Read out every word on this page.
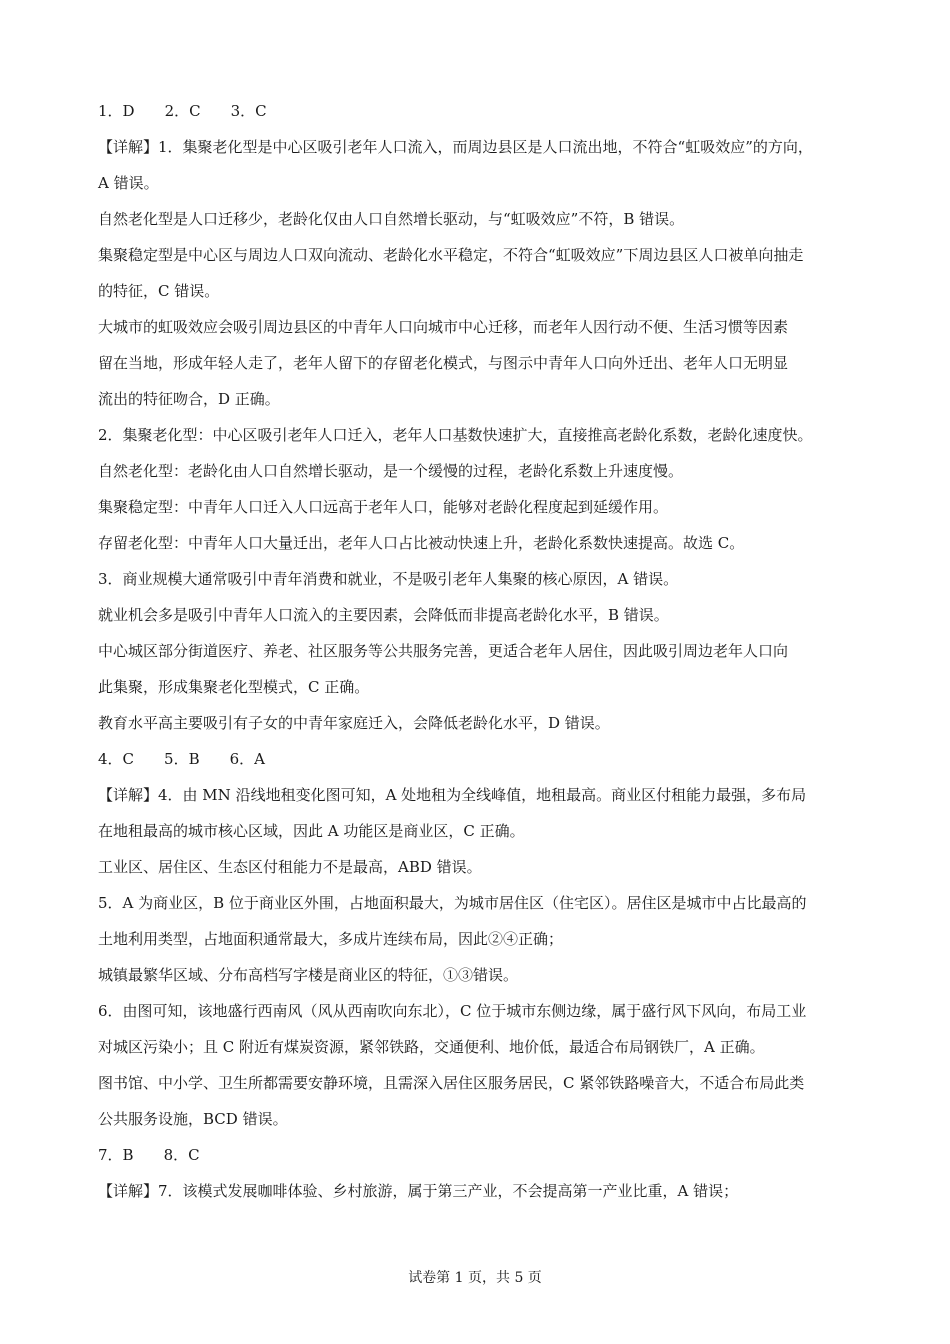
1．D　　2．C　　3．C
【详解】1．集聚老化型是中心区吸引老年人口流入，而周边县区是人口流出地，不符合“虹吸效应”的方向，
A 错误。
自然老化型是人口迁移少，老龄化仅由人口自然增长驱动，与“虹吸效应”不符，B 错误。
集聚稳定型是中心区与周边人口双向流动、老龄化水平稳定，不符合“虹吸效应”下周边县区人口被单向抽走
的特征，C 错误。
大城市的虹吸效应会吸引周边县区的中青年人口向城市中心迁移，而老年人因行动不便、生活习惯等因素
留在当地，形成年轻人走了，老年人留下的存留老化模式，与图示中青年人口向外迁出、老年人口无明显
流出的特征吻合，D 正确。
2．集聚老化型：中心区吸引老年人口迁入，老年人口基数快速扩大，直接推高老龄化系数，老龄化速度快。
自然老化型：老龄化由人口自然增长驱动，是一个缓慢的过程，老龄化系数上升速度慢。
集聚稳定型：中青年人口迁入人口远高于老年人口，能够对老龄化程度起到延缓作用。
存留老化型：中青年人口大量迁出，老年人口占比被动快速上升，老龄化系数快速提高。故选 C。
3．商业规模大通常吸引中青年消费和就业，不是吸引老年人集聚的核心原因，A 错误。
就业机会多是吸引中青年人口流入的主要因素，会降低而非提高老龄化水平，B 错误。
中心城区部分街道医疗、养老、社区服务等公共服务完善，更适合老年人居住，因此吸引周边老年人口向
此集聚，形成集聚老化型模式，C 正确。
教育水平高主要吸引有子女的中青年家庭迁入，会降低老龄化水平，D 错误。
4．C　　5．B　　6．A
【详解】4．由 MN 沿线地租变化图可知，A 处地租为全线峰值，地租最高。商业区付租能力最强，多布局
在地租最高的城市核心区域，因此 A 功能区是商业区，C 正确。
工业区、居住区、生态区付租能力不是最高，ABD 错误。
5．A 为商业区，B 位于商业区外围，占地面积最大，为城市居住区（住宅区）。居住区是城市中占比最高的
土地利用类型，占地面积通常最大，多成片连续布局，因此②④正确；
城镇最繁华区域、分布高档写字楼是商业区的特征，①③错误。
6．由图可知，该地盛行西南风（风从西南吹向东北），C 位于城市东侧边缘，属于盛行风下风向，布局工业
对城区污染小；且 C 附近有煤炭资源，紧邻铁路，交通便利、地价低，最适合布局钢铁厂，A 正确。
图书馆、中小学、卫生所都需要安静环境，且需深入居住区服务居民，C 紧邻铁路噪音大，不适合布局此类
公共服务设施，BCD 错误。
7．B　　8．C
【详解】7．该模式发展咖啡体验、乡村旅游，属于第三产业，不会提高第一产业比重，A 错误；
试卷第 1 页，共 5 页
